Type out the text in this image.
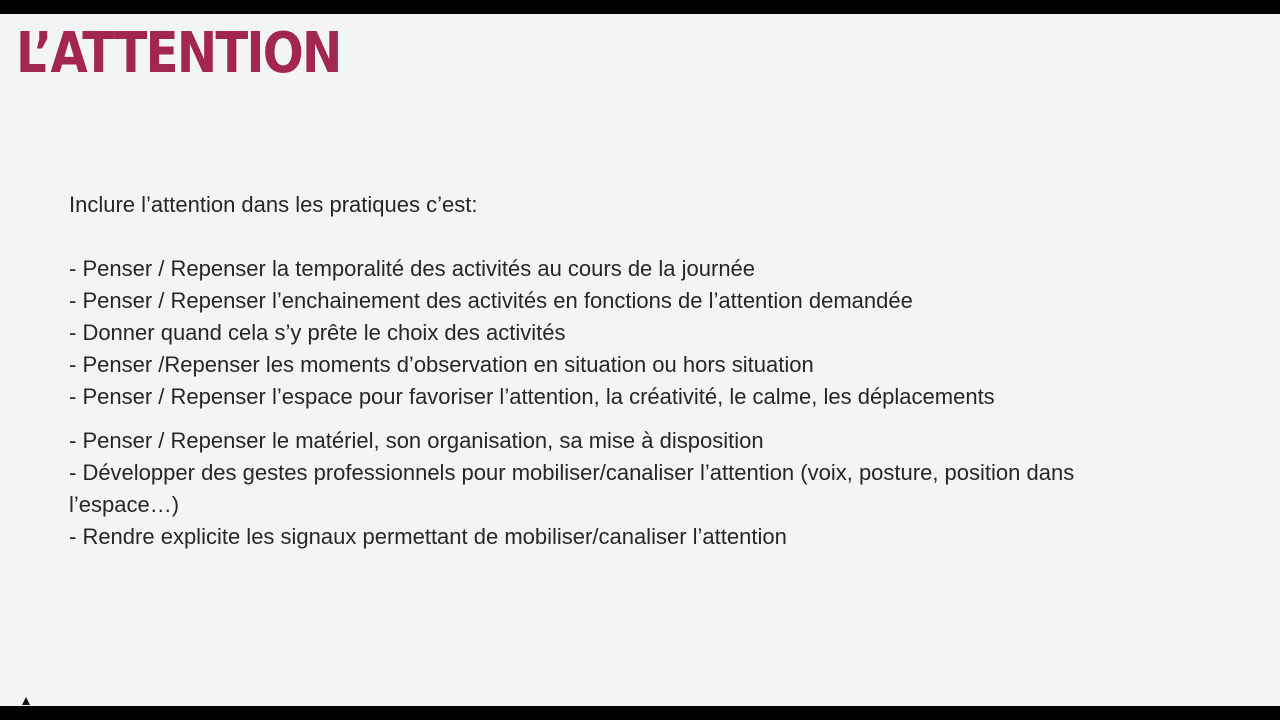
L’ATTENTION

Inclure l’attention dans les pratiques c’est:

- Penser / Repenser la temporalité des activités au cours de la journée
- Penser / Repenser l’enchainement des activités en fonctions de l’attention demandée
- Donner quand cela s’y prête le choix des activités
- Penser /Repenser les moments d’observation en situation ou hors situation
- Penser / Repenser l’espace pour favoriser l’attention, la créativité, le calme, les déplacements
- Penser / Repenser le matériel, son organisation, sa mise à disposition
- Développer des gestes professionnels pour mobiliser/canaliser l’attention (voix, posture, position dans l’espace…)
- Rendre explicite les signaux permettant de mobiliser/canaliser l’attention
